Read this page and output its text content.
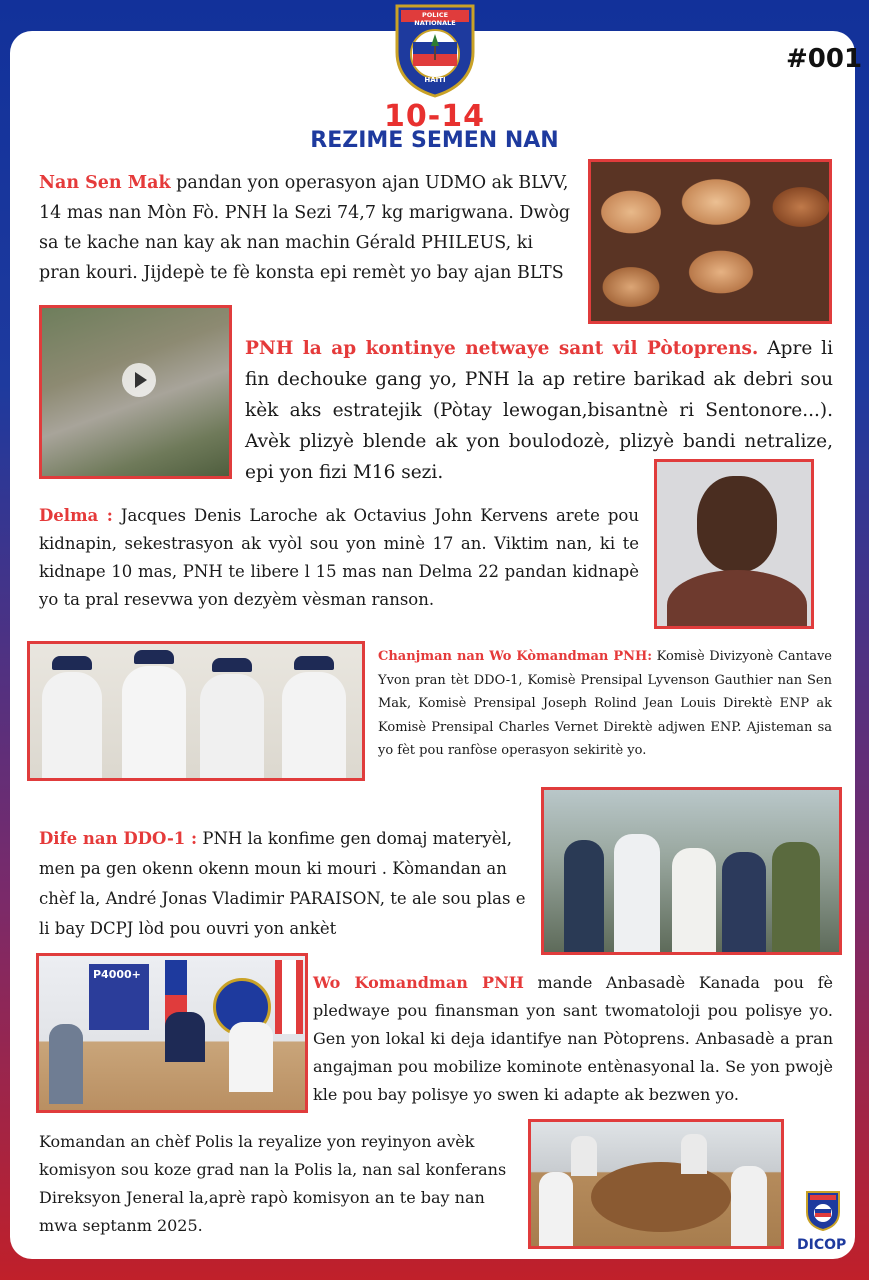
POLICE NATIONALE
HAITI
#001
10-14
REZIME SEMEN NAN
Nan Sen Mak pandan yon operasyon ajan UDMO ak BLVV, 14 mas nan Mòn Fò. PNH la Sezi 74,7 kg marigwana. Dwòg sa te kache nan kay ak nan machin Gérald PHILEUS, ki pran kouri. Jijdepè te fè konsta epi remèt yo bay ajan BLTS
PNH la ap kontinye netwaye sant vil Pòtoprens. Apre li fin dechouke gang yo, PNH la ap retire barikad ak debri sou kèk aks estratejik (Pòtay lewogan,bisantnè ri Sentonore...). Avèk plizyè blende ak yon boulodozè, plizyè bandi netralize, epi yon fizi M16 sezi.
Delma : Jacques Denis Laroche ak Octavius John Kervens arete pou kidnapin, sekestrasyon ak vyòl sou yon minè 17 an. Viktim nan, ki te kidnape 10 mas, PNH te libere l 15 mas nan Delma 22 pandan kidnapè yo ta pral resevwa yon dezyèm vèsman ranson.
Chanjman nan Wo Kòmandman PNH: Komisè Divizyonè Cantave Yvon pran tèt DDO-1, Komisè Prensipal Lyvenson Gauthier nan Sen Mak, Komisè Prensipal Joseph Rolind Jean Louis Direktè ENP ak Komisè Prensipal Charles Vernet Direktè adjwen ENP. Ajisteman sa yo fèt pou ranfòse operasyon sekiritè yo.
Dife nan DDO-1 : PNH la konfime gen domaj materyèl, men pa gen okenn okenn moun ki mouri . Kòmandan an chèf la, André Jonas Vladimir PARAISON, te ale sou plas e li bay DCPJ lòd pou ouvri yon ankèt
P4000+	Wo Komandman PNH mande Anbasadè Kanada pou fè pledwaye pou finansman yon sant twomatoloji pou polisye yo. Gen yon lokal ki deja idantifye nan Pòtoprens. Anbasadè a pran angajman pou mobilize kominote entènasyonal la. Se yon pwojè kle pou bay polisye yo swen ki adapte ak bezwen yo.
Komandan an chèf Polis la reyalize yon reyinyon avèk komisyon sou koze grad nan la Polis la, nan sal konferans Direksyon Jeneral la,aprè rapò komisyon an te bay nan mwa septanm 2025.
DICOP
